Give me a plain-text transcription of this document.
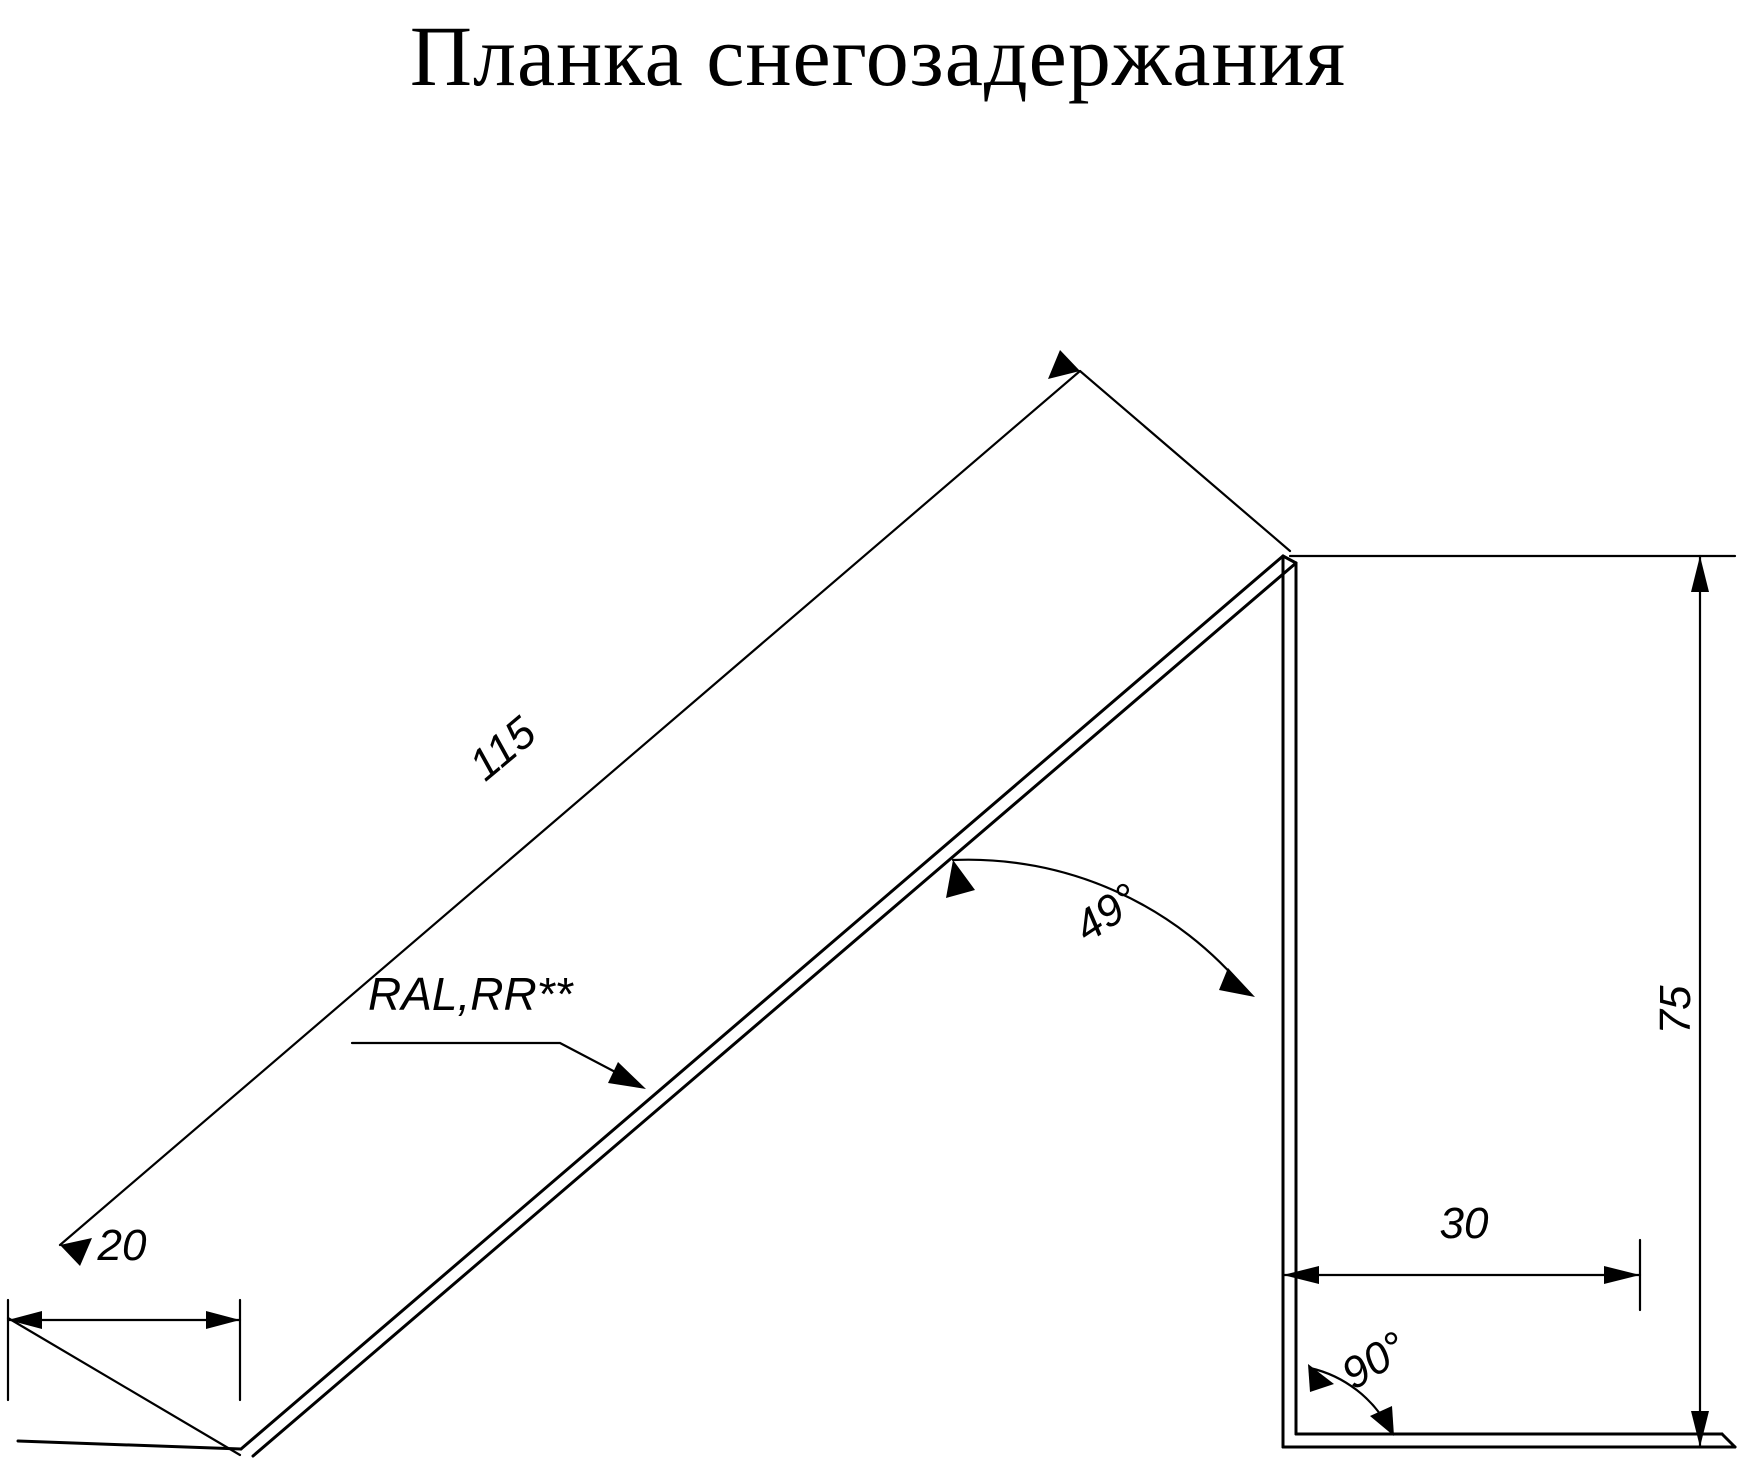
Планка снегозадержания
115
20
75
30
49°
90°
RAL,RR**
